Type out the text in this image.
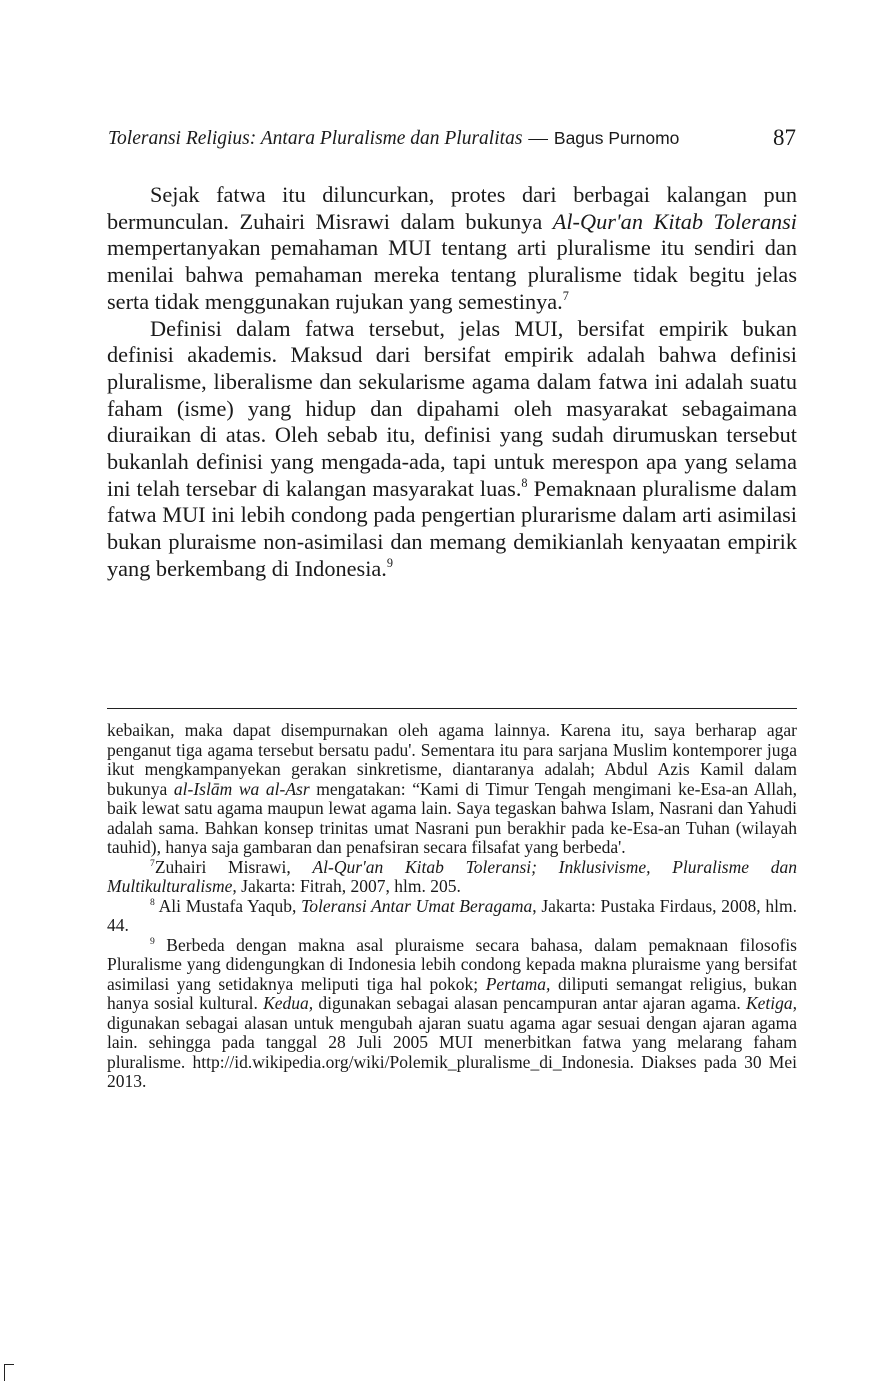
Toleransi Religius: Antara Pluralisme dan Pluralitas — Bagus Purnomo	87

Sejak fatwa itu diluncurkan, protes dari berbagai kalangan pun bermunculan. Zuhairi Misrawi dalam bukunya Al-Qur'an Kitab Toleransi mempertanyakan pemahaman MUI tentang arti pluralisme itu sendiri dan menilai bahwa pemahaman mereka tentang pluralisme tidak begitu jelas serta tidak menggunakan rujukan yang semestinya.$^7$

Definisi dalam fatwa tersebut, jelas MUI, bersifat empirik bukan definisi akademis. Maksud dari bersifat empirik adalah bahwa definisi pluralisme, liberalisme dan sekularisme agama dalam fatwa ini adalah suatu faham (isme) yang hidup dan dipahami oleh masyarakat sebagaimana diuraikan di atas. Oleh sebab itu, definisi yang sudah dirumuskan tersebut bukanlah definisi yang mengada-ada, tapi untuk merespon apa yang selama ini telah tersebar di kalangan masyarakat luas.$^8$ Pemaknaan pluralisme dalam fatwa MUI ini lebih condong pada pengertian plurarisme dalam arti asimilasi bukan pluraisme non-asimilasi dan memang demikianlah kenyaatan empirik yang berkembang di Indonesia.$^9$

kebaikan, maka dapat disempurnakan oleh agama lainnya. Karena itu, saya berharap agar penganut tiga agama tersebut bersatu padu'. Sementara itu para sarjana Muslim kontemporer juga ikut mengkampanyekan gerakan sinkretisme, diantaranya adalah; Abdul Azis Kamil dalam bukunya al-Islām wa al-Asr mengatakan: “Kami di Timur Tengah mengimani ke-Esa-an Allah, baik lewat satu agama maupun lewat agama lain. Saya tegaskan bahwa Islam, Nasrani dan Yahudi adalah sama. Bahkan konsep trinitas umat Nasrani pun berakhir pada ke-Esa-an Tuhan (wilayah tauhid), hanya saja gambaran dan penafsiran secara filsafat yang berbeda'.

$^7$Zuhairi Misrawi, Al-Qur'an Kitab Toleransi; Inklusivisme, Pluralisme dan Multikulturalisme, Jakarta: Fitrah, 2007, hlm. 205.

$^8$ Ali Mustafa Yaqub, Toleransi Antar Umat Beragama, Jakarta: Pustaka Firdaus, 2008, hlm. 44.

$^9$ Berbeda dengan makna asal pluraisme secara bahasa, dalam pemaknaan filosofis Pluralisme yang didengungkan di Indonesia lebih condong kepada makna pluraisme yang bersifat asimilasi yang setidaknya meliputi tiga hal pokok; Pertama, diliputi semangat religius, bukan hanya sosial kultural. Kedua, digunakan sebagai alasan pencampuran antar ajaran agama. Ketiga, digunakan sebagai alasan untuk mengubah ajaran suatu agama agar sesuai dengan ajaran agama lain. sehingga pada tanggal 28 Juli 2005 MUI menerbitkan fatwa yang melarang faham pluralisme. http://id.wikipedia.org/wiki/Polemik_pluralisme_di_Indonesia. Diakses pada 30 Mei 2013.
